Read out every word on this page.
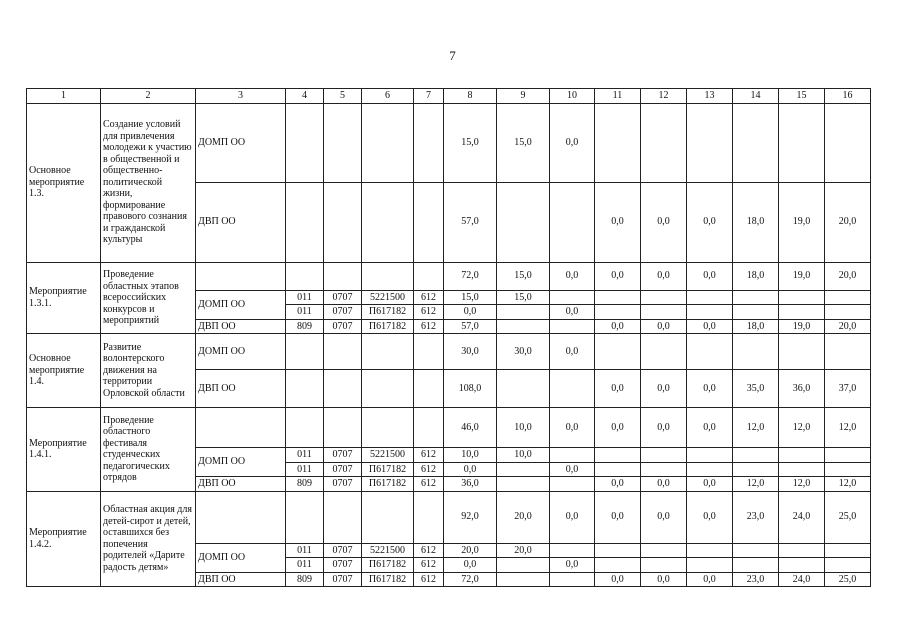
7
1	2	3	4	5	6	7	8	9	10	11	12	13	14	15	16
Основное мероприятие 1.3.	Создание условий для привлечения молодежи к участию в общественной и общественно-политической жизни, формирование правового сознания и гражданской культуры	ДОМП ОО					15,0	15,0	0,0						
		ДВП ОО					57,0			0,0	0,0	0,0	18,0	19,0	20,0
Мероприятие 1.3.1.	Проведение областных этапов всероссийских конкурсов и мероприятий						72,0	15,0	0,0	0,0	0,0	0,0	18,0	19,0	20,0
		ДОМП ОО	011	0707	5221500	612	15,0	15,0							
			011	0707	П617182	612	0,0		0,0						
		ДВП ОО	809	0707	П617182	612	57,0			0,0	0,0	0,0	18,0	19,0	20,0
Основное мероприятие 1.4.	Развитие волонтерского движения на территории Орловской области	ДОМП ОО					30,0	30,0	0,0						
		ДВП ОО					108,0			0,0	0,0	0,0	35,0	36,0	37,0
Мероприятие 1.4.1.	Проведение областного фестиваля студенческих педагогических отрядов						46,0	10,0	0,0	0,0	0,0	0,0	12,0	12,0	12,0
		ДОМП ОО	011	0707	5221500	612	10,0	10,0							
			011	0707	П617182	612	0,0		0,0						
		ДВП ОО	809	0707	П617182	612	36,0			0,0	0,0	0,0	12,0	12,0	12,0
Мероприятие 1.4.2.	Областная акция для детей-сирот и детей, оставшихся без попечения родителей «Дарите радость детям»						92,0	20,0	0,0	0,0	0,0	0,0	23,0	24,0	25,0
		ДОМП ОО	011	0707	5221500	612	20,0	20,0							
			011	0707	П617182	612	0,0		0,0						
		ДВП ОО	809	0707	П617182	612	72,0			0,0	0,0	0,0	23,0	24,0	25,0
